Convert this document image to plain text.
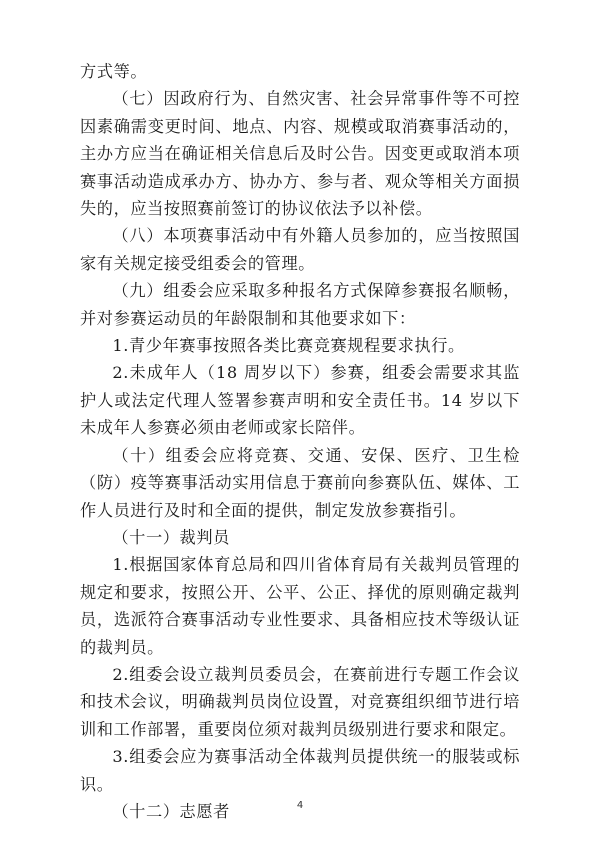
方式等。

（七）因政府行为、自然灾害、社会异常事件等不可控因素确需变更时间、地点、内容、规模或取消赛事活动的，主办方应当在确证相关信息后及时公告。因变更或取消本项赛事活动造成承办方、协办方、参与者、观众等相关方面损失的，应当按照赛前签订的协议依法予以补偿。

（八）本项赛事活动中有外籍人员参加的，应当按照国家有关规定接受组委会的管理。

（九）组委会应采取多种报名方式保障参赛报名顺畅，并对参赛运动员的年龄限制和其他要求如下：

1.青少年赛事按照各类比赛竞赛规程要求执行。

2.未成年人（18 周岁以下）参赛，组委会需要求其监护人或法定代理人签署参赛声明和安全责任书。14 岁以下未成年人参赛必须由老师或家长陪伴。

（十）组委会应将竞赛、交通、安保、医疗、卫生检（防）疫等赛事活动实用信息于赛前向参赛队伍、媒体、工作人员进行及时和全面的提供，制定发放参赛指引。

（十一）裁判员

1.根据国家体育总局和四川省体育局有关裁判员管理的规定和要求，按照公开、公平、公正、择优的原则确定裁判员，选派符合赛事活动专业性要求、具备相应技术等级认证的裁判员。

2.组委会设立裁判员委员会，在赛前进行专题工作会议和技术会议，明确裁判员岗位设置，对竞赛组织细节进行培训和工作部署，重要岗位须对裁判员级别进行要求和限定。

3.组委会应为赛事活动全体裁判员提供统一的服装或标识。

（十二）志愿者	4
